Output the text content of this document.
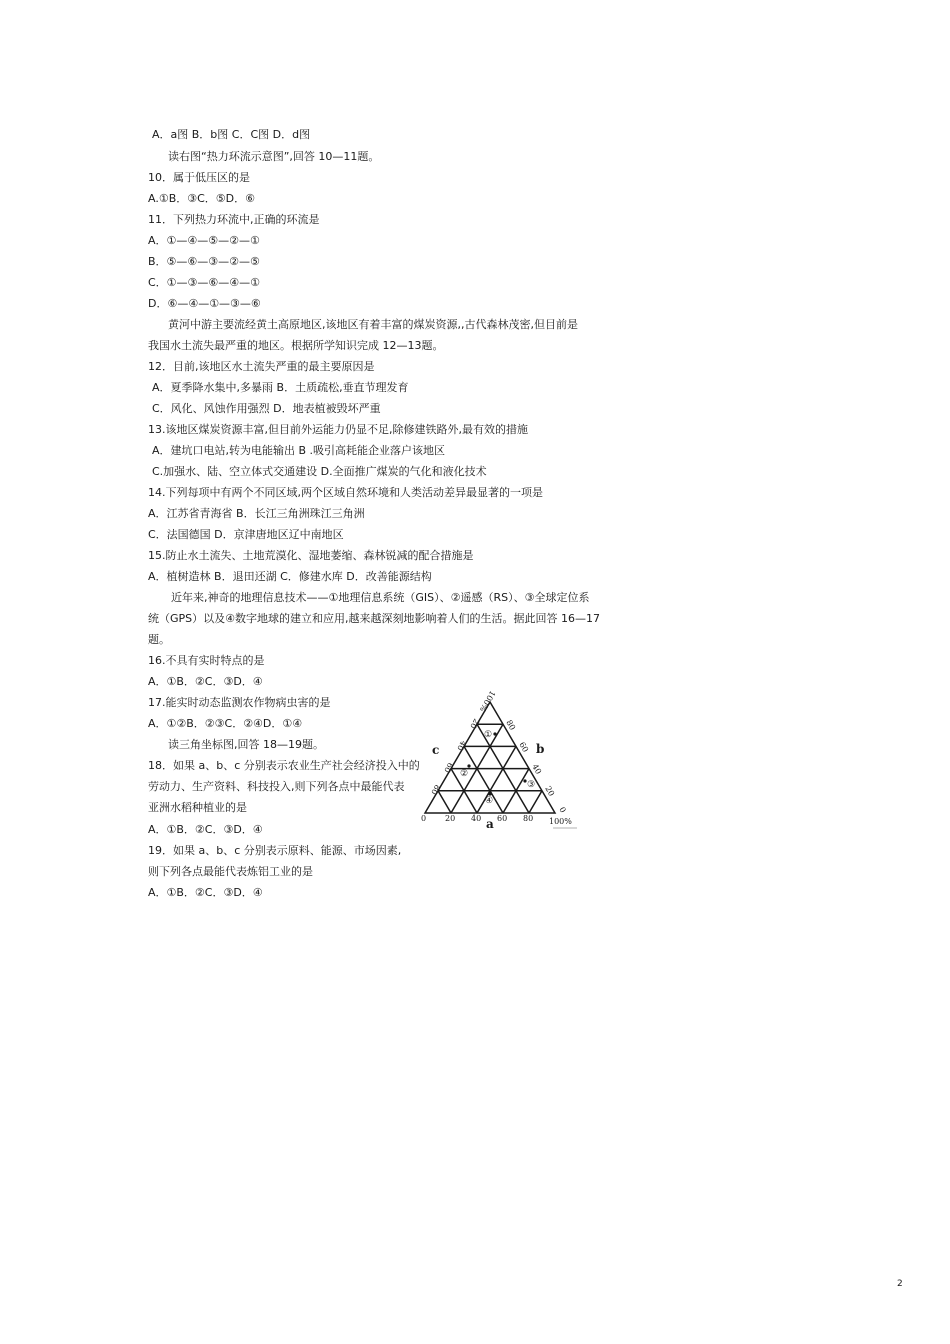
A．a图 B．b图 C．C图 D．d图
读右图“热力环流示意图”,回答 10—11题。
10．属于低压区的是
A.①B．③C．⑤D．⑥
11．下列热力环流中,正确的环流是
A．①—④—⑤—②—①
B．⑤—⑥—③—②—⑤
C．①—③—⑥—④—①
D．⑥—④—①—③—⑥
黄河中游主要流经黄土高原地区,该地区有着丰富的煤炭资源,,古代森林茂密,但目前是
我国水土流失最严重的地区。根据所学知识完成 12—13题。
12．目前,该地区水土流失严重的最主要原因是
A．夏季降水集中,多暴雨 B．土质疏松,垂直节理发育
C．风化、风蚀作用强烈 D．地表植被毁坏严重
13.该地区煤炭资源丰富,但目前外运能力仍显不足,除修建铁路外,最有效的措施
A．建坑口电站,转为电能输出 B .吸引高耗能企业落户该地区
C.加强水、陆、空立体式交通建设 D.全面推广煤炭的气化和液化技术
14.下列每项中有两个不同区域,两个区域自然环境和人类活动差异最显著的一项是
A．江苏省青海省 B．长江三角洲珠江三角洲
C．法国德国 D．京津唐地区辽中南地区
15.防止水土流失、土地荒漠化、湿地萎缩、森林锐减的配合措施是
A．植树造林 B．退田还湖 C．修建水库 D．改善能源结构
近年来,神奇的地理信息技术——①地理信息系统（GIS）、②遥感（RS）、③全球定位系
统（GPS）以及④数字地球的建立和应用,越来越深刻地影响着人们的生活。据此回答 16—17
题。
16.不具有实时特点的是
A．①B．②C．③D．④
17.能实时动态监测农作物病虫害的是
A．①②B．②③C．②④D．①④
读三角坐标图,回答 18—19题。
18．如果 a、b、c 分别表示农业生产社会经济投入中的
劳动力、生产资料、科技投入,则下列各点中最能代表
亚洲水稻种植业的是
A．①B．②C．③D．④
19．如果 a、b、c 分别表示原料、能源、市场因素,
则下列各点最能代表炼铝工业的是
A．①B．②C．③D．④
0 20 40 60 80 100%
80
60
40
20
0
100%
20
40
60
80
a
b
c
①
②
③
④
2
